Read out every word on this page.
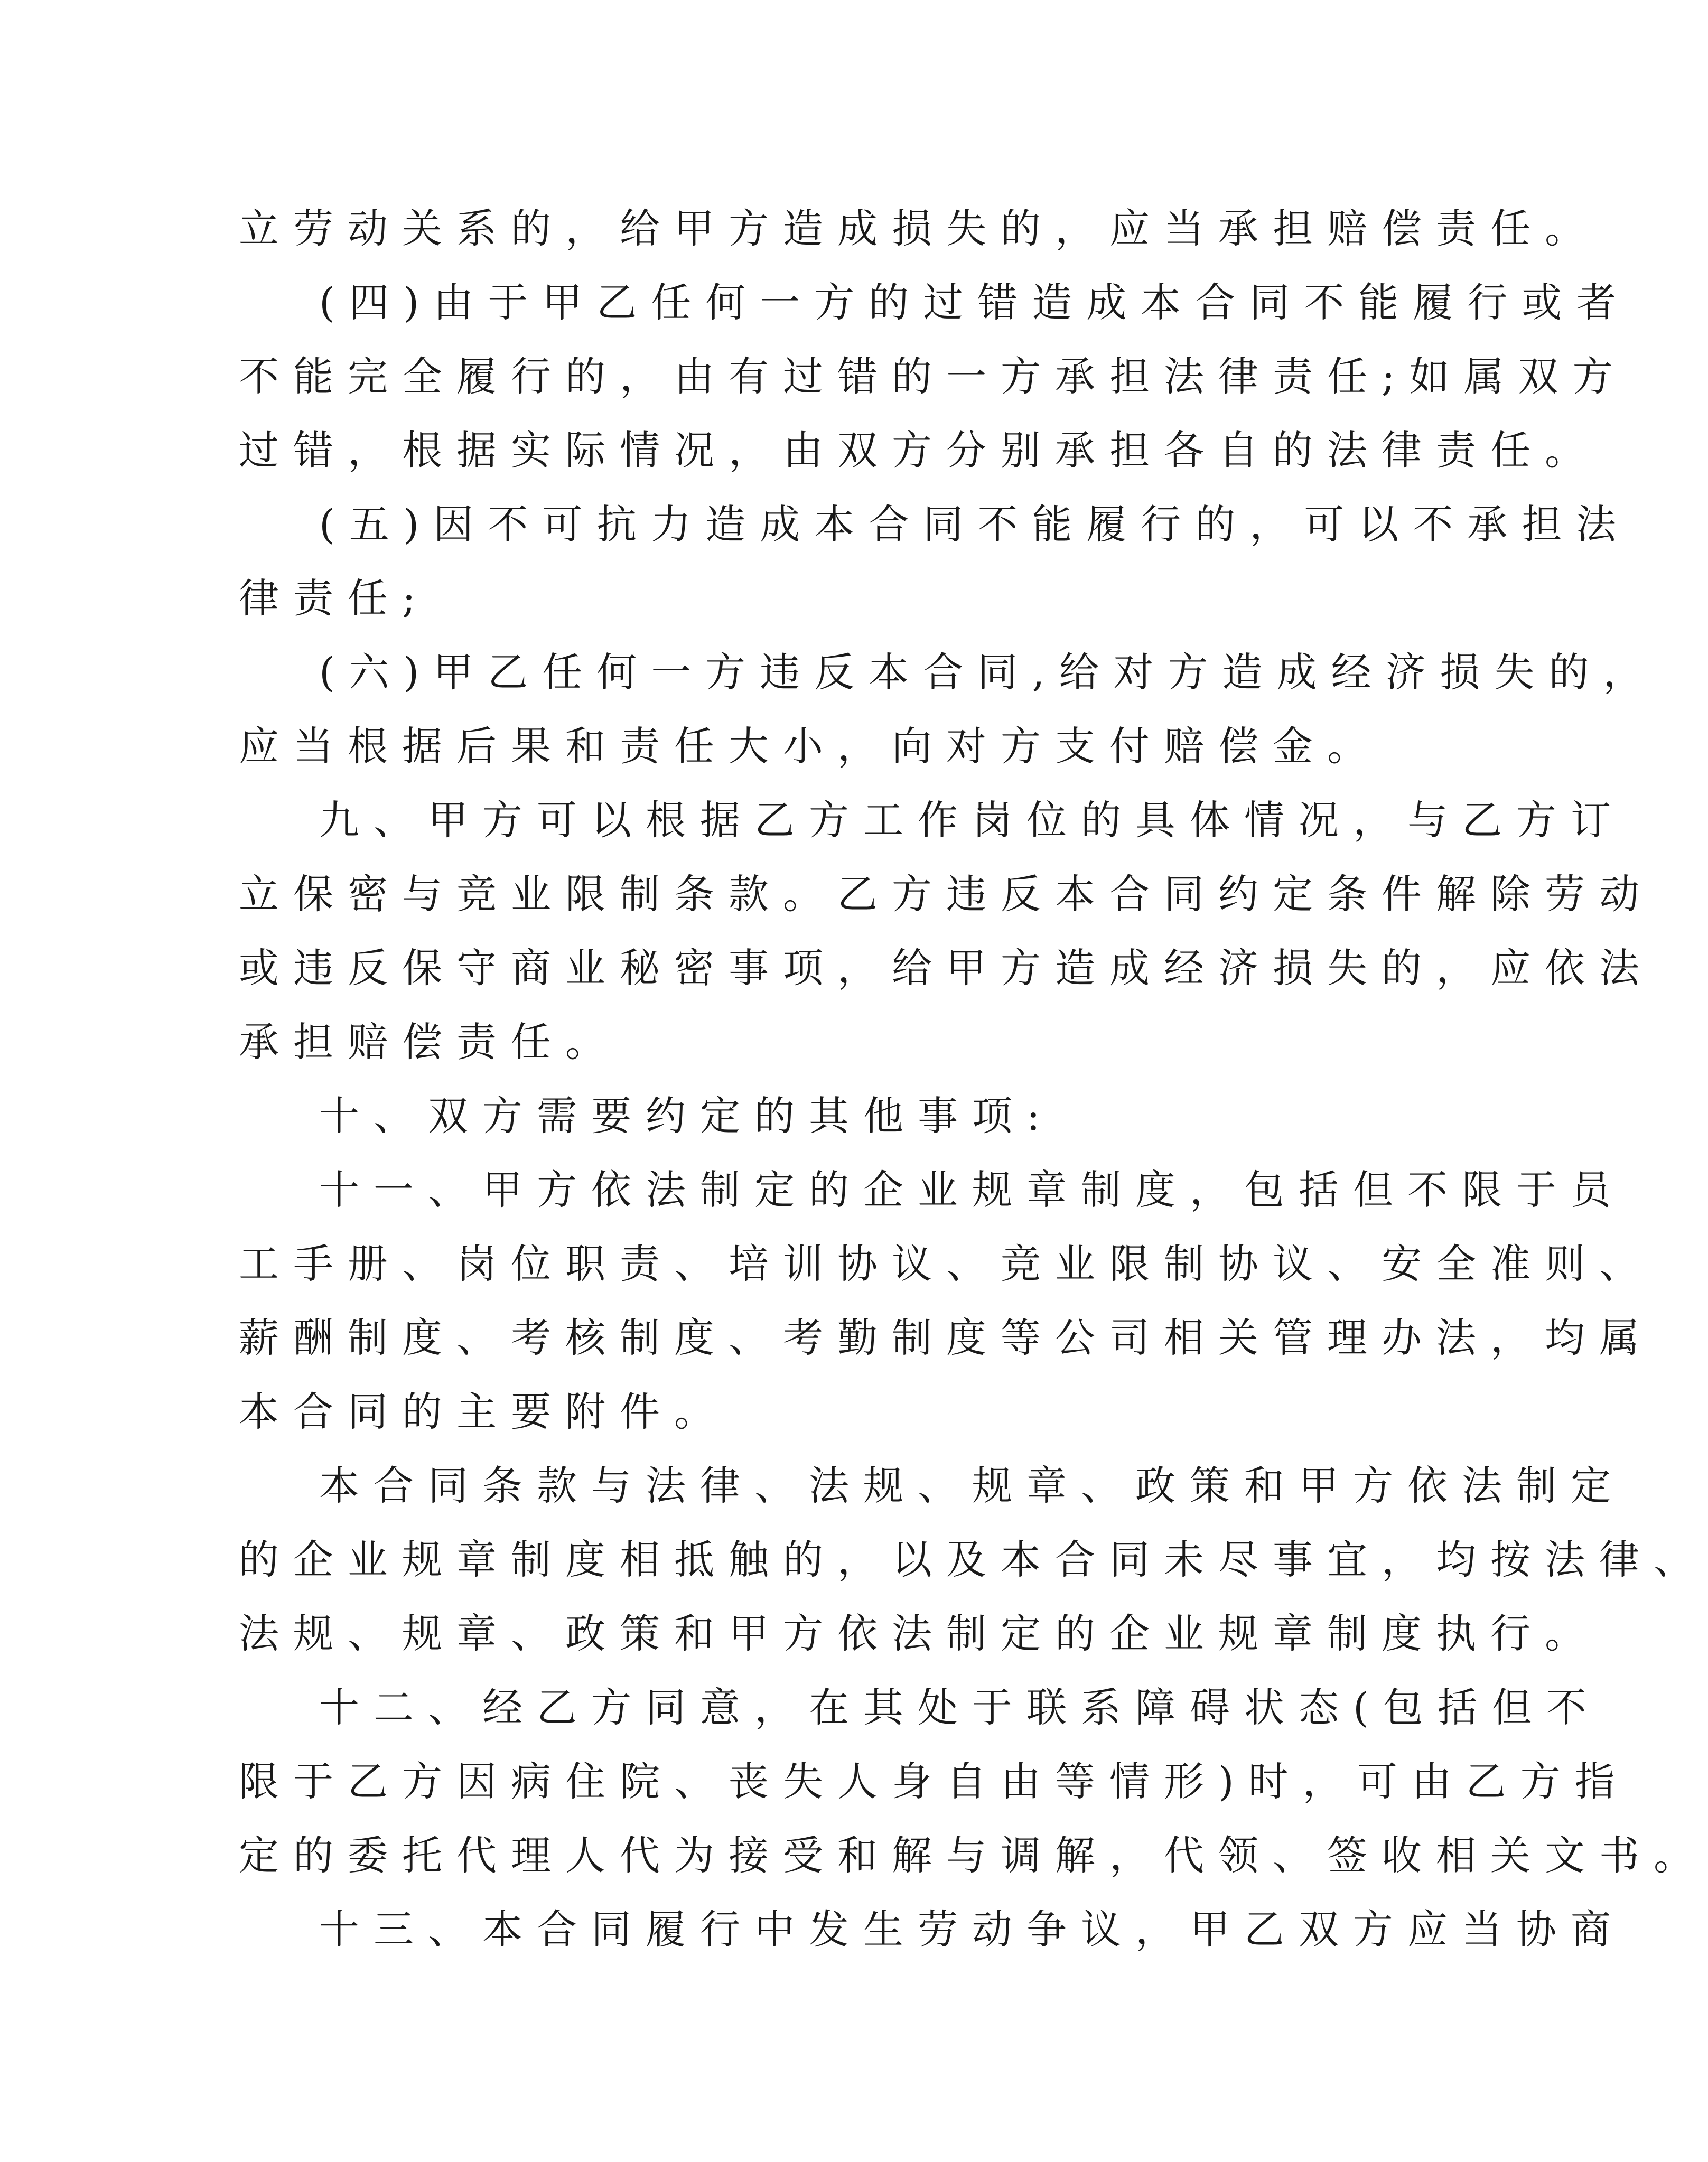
立劳动关系的，给甲方造成损失的，应当承担赔偿责任。
(四)由于甲乙任何一方的过错造成本合同不能履行或者
不能完全履行的，由有过错的一方承担法律责任;如属双方
过错，根据实际情况，由双方分别承担各自的法律责任。
(五)因不可抗力造成本合同不能履行的，可以不承担法
律责任;
(六)甲乙任何一方违反本合同,给对方造成经济损失的，
应当根据后果和责任大小，向对方支付赔偿金。
九、甲方可以根据乙方工作岗位的具体情况，与乙方订
立保密与竞业限制条款。乙方违反本合同约定条件解除劳动
或违反保守商业秘密事项，给甲方造成经济损失的，应依法
承担赔偿责任。
十、双方需要约定的其他事项:
十一、甲方依法制定的企业规章制度，包括但不限于员
工手册、岗位职责、培训协议、竞业限制协议、安全准则、
薪酬制度、考核制度、考勤制度等公司相关管理办法，均属
本合同的主要附件。
本合同条款与法律、法规、规章、政策和甲方依法制定
的企业规章制度相抵触的，以及本合同未尽事宜，均按法律、
法规、规章、政策和甲方依法制定的企业规章制度执行。
十二、经乙方同意，在其处于联系障碍状态(包括但不
限于乙方因病住院、丧失人身自由等情形)时，可由乙方指
定的委托代理人代为接受和解与调解，代领、签收相关文书。
十三、本合同履行中发生劳动争议，甲乙双方应当协商
